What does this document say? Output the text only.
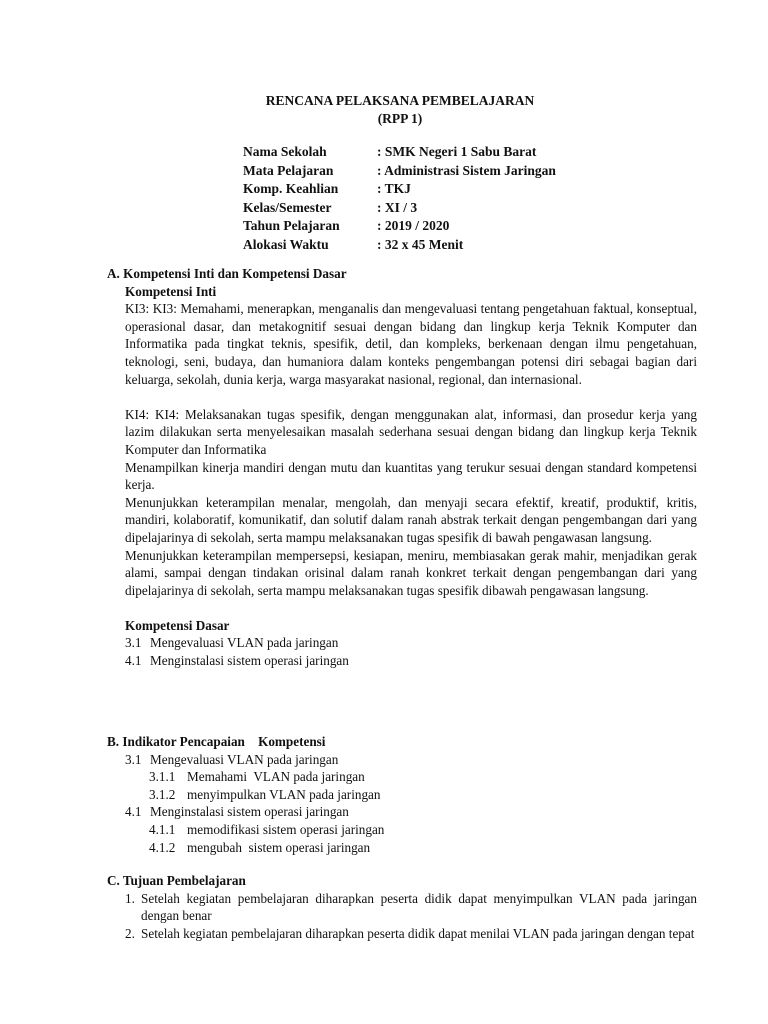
RENCANA PELAKSANA PEMBELAJARAN
(RPP 1)
Nama Sekolah	: SMK Negeri 1 Sabu Barat
Mata Pelajaran	: Administrasi Sistem Jaringan
Komp. Keahlian	: TKJ
Kelas/Semester	: XI / 3
Tahun Pelajaran	: 2019 / 2020
Alokasi Waktu	: 32 x 45 Menit
A. Kompetensi Inti dan Kompetensi Dasar
Kompetensi Inti
KI3: KI3: Memahami, menerapkan, menganalis dan mengevaluasi tentang pengetahuan faktual, konseptual, operasional dasar, dan metakognitif sesuai dengan bidang dan lingkup kerja Teknik Komputer dan Informatika pada tingkat teknis, spesifik, detil, dan kompleks, berkenaan dengan ilmu pengetahuan, teknologi, seni, budaya, dan humaniora dalam konteks pengembangan potensi diri sebagai bagian dari keluarga, sekolah, dunia kerja, warga masyarakat nasional, regional, dan internasional.
KI4: KI4: Melaksanakan tugas spesifik, dengan menggunakan alat, informasi, dan prosedur kerja yang lazim dilakukan serta menyelesaikan masalah sederhana sesuai dengan bidang dan lingkup kerja Teknik Komputer dan Informatika
Menampilkan kinerja mandiri dengan mutu dan kuantitas yang terukur sesuai dengan standard kompetensi kerja.
Menunjukkan keterampilan menalar, mengolah, dan menyaji secara efektif, kreatif, produktif, kritis, mandiri, kolaboratif, komunikatif, dan solutif dalam ranah abstrak terkait dengan pengembangan dari yang dipelajarinya di sekolah, serta mampu melaksanakan tugas spesifik di bawah pengawasan langsung.
Menunjukkan keterampilan mempersepsi, kesiapan, meniru, membiasakan gerak mahir, menjadikan gerak alami, sampai dengan tindakan orisinal dalam ranah konkret terkait dengan pengembangan dari yang dipelajarinya di sekolah, serta mampu melaksanakan tugas spesifik dibawah pengawasan langsung.
Kompetensi Dasar
3.1 Mengevaluasi VLAN pada jaringan
4.1 Menginstalasi sistem operasi jaringan
B. Indikator Pencapaian    Kompetensi
3.1 Mengevaluasi VLAN pada jaringan
3.1.1 Memahami  VLAN pada jaringan
3.1.2 menyimpulkan VLAN pada jaringan
4.1 Menginstalasi sistem operasi jaringan
4.1.1 memodifikasi sistem operasi jaringan
4.1.2 mengubah  sistem operasi jaringan
C. Tujuan Pembelajaran
1. Setelah kegiatan pembelajaran diharapkan peserta didik dapat menyimpulkan VLAN pada jaringan dengan benar
2. Setelah kegiatan pembelajaran diharapkan peserta didik dapat menilai VLAN pada jaringan dengan tepat
